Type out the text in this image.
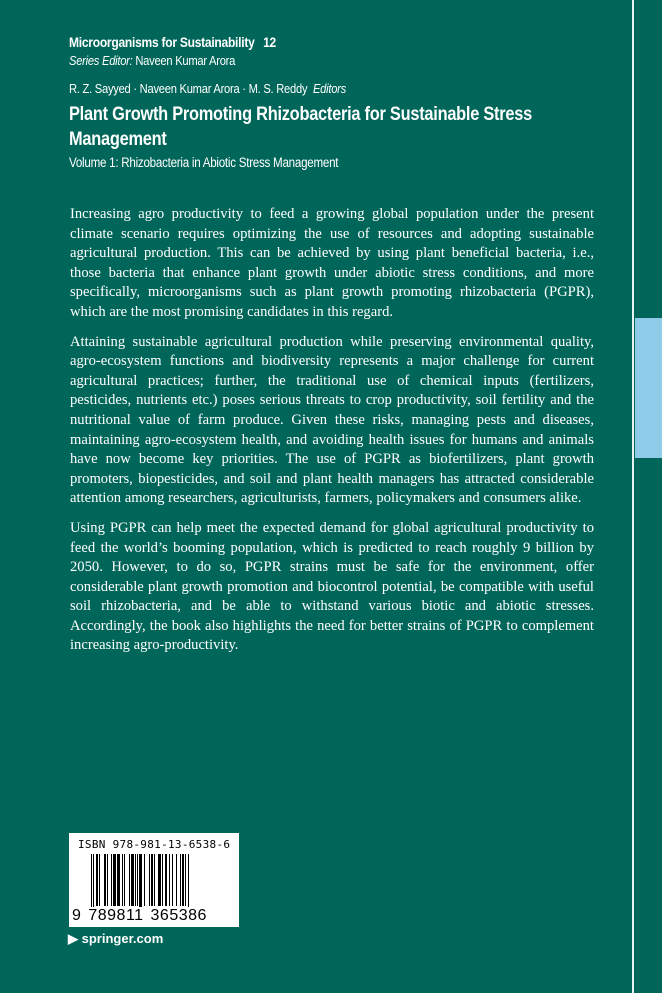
Microorganisms for Sustainability 12
Series Editor: Naveen Kumar Arora
R. Z. Sayyed · Naveen Kumar Arora · M. S. Reddy Editors
Plant Growth Promoting Rhizobacteria for Sustainable Stress Management
Volume 1: Rhizobacteria in Abiotic Stress Management

Increasing agro productivity to feed a growing global population under the present climate scenario requires optimizing the use of resources and adopting sustainable agricultural production. This can be achieved by using plant beneficial bacteria, i.e., those bacteria that enhance plant growth under abiotic stress conditions, and more specifically, microorganisms such as plant growth promoting rhizobacteria (PGPR), which are the most promising candidates in this regard.

Attaining sustainable agricultural production while preserving environmental quality, agro-ecosystem functions and biodiversity represents a major challenge for current agricultural practices; further, the traditional use of chemical inputs (fertilizers, pesticides, nutrients etc.) poses serious threats to crop productivity, soil fertility and the nutritional value of farm produce. Given these risks, managing pests and diseases, maintaining agro-ecosystem health, and avoiding health issues for humans and animals have now become key priorities. The use of PGPR as biofertilizers, plant growth promoters, biopesticides, and soil and plant health managers has attracted considerable attention among researchers, agriculturists, farmers, policymakers and consumers alike.

Using PGPR can help meet the expected demand for global agricultural productivity to feed the world’s booming population, which is predicted to reach roughly 9 billion by 2050. However, to do so, PGPR strains must be safe for the environment, offer considerable plant growth promotion and biocontrol potential, be compatible with useful soil rhizobacteria, and be able to withstand various biotic and abiotic stresses. Accordingly, the book also highlights the need for better strains of PGPR to complement increasing agro-productivity.

ISBN 978-981-13-6538-6
9 789811 365386
▶ springer.com
